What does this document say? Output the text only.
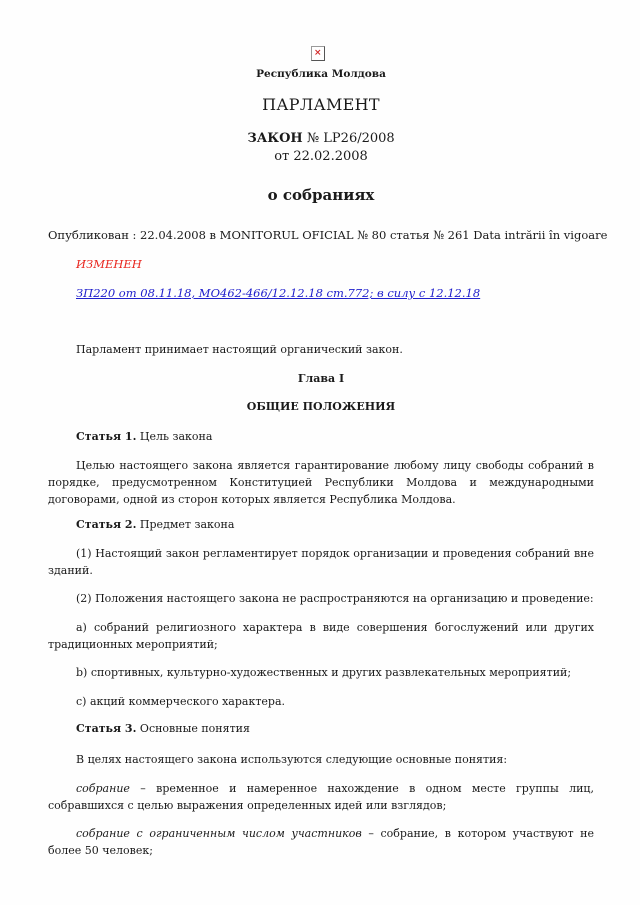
×
Республика Молдова
ПАРЛАМЕНТ
ЗАКОН № LP26/2008
от 22.02.2008
о собраниях
Опубликован : 22.04.2008 в MONITORUL OFICIAL № 80 статья № 261 Data intrării în vigoare
ИЗМЕНЕН
ЗП220 от 08.11.18, MO462-466/12.12.18 ст.772; в силу с 12.12.18
Парламент принимает настоящий органический закон.
Глава I
ОБЩИЕ ПОЛОЖЕНИЯ
Статья 1. Цель закона
Целью настоящего закона является гарантирование любому лицу свободы собраний в порядке, предусмотренном Конституцией Республики Молдова и международными договорами, одной из сторон которых является Республика Молдова.
Статья 2. Предмет закона
(1) Настоящий закон регламентирует порядок организации и проведения собраний вне зданий.
(2) Положения настоящего закона не распространяются на организацию и проведение:
a) собраний религиозного характера в виде совершения богослужений или других традиционных мероприятий;
b) спортивных, культурно-художественных и других развлекательных мероприятий;
c) акций коммерческого характера.
Статья 3. Основные понятия
В целях настоящего закона используются следующие основные понятия:
собрание – временное и намеренное нахождение в одном месте группы лиц, собравшихся с целью выражения определенных идей или взглядов;
собрание с ограниченным числом участников – собрание, в котором участвуют не более 50 человек;
